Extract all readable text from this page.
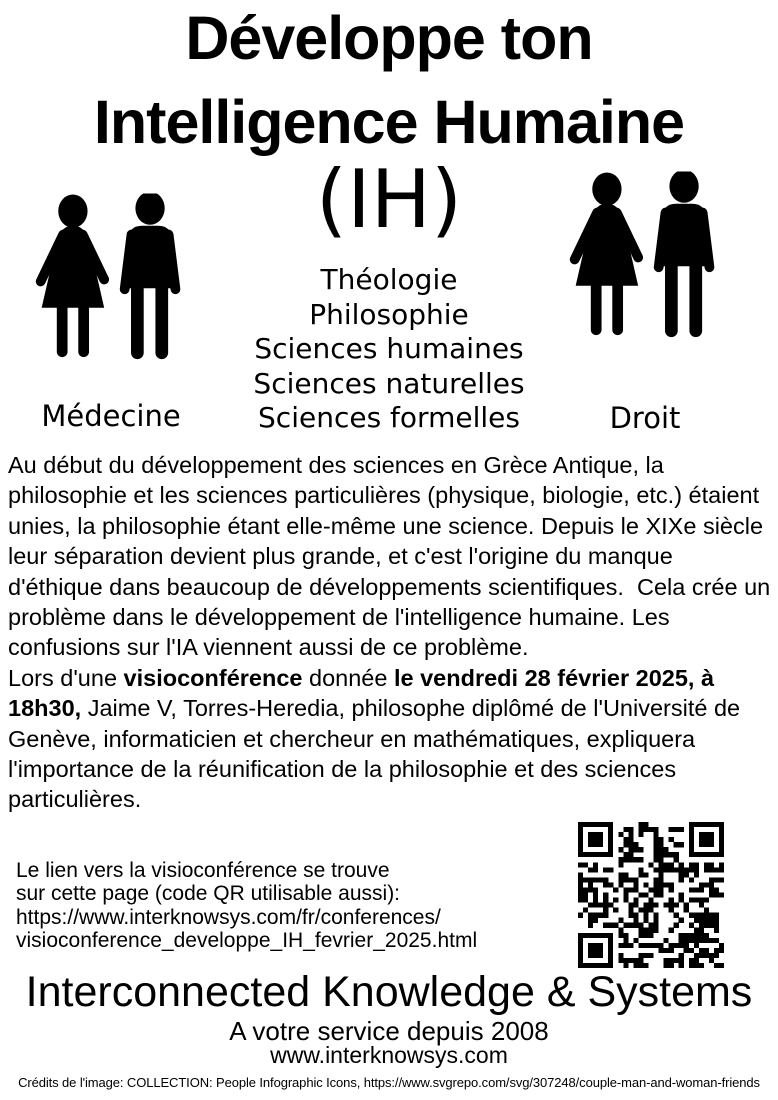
Développe ton
Intelligence Humaine
(IH)
Médecine	Droit
Théologie
Philosophie
Sciences humaines
Sciences naturelles
Sciences formelles

Au début du développement des sciences en Grèce Antique, la philosophie et les sciences particulières (physique, biologie, etc.) étaient unies, la philosophie étant elle-même une science. Depuis le XIXe siècle leur séparation devient plus grande, et c'est l'origine du manque d'éthique dans beaucoup de développements scientifiques.  Cela crée un problème dans le développement de l'intelligence humaine. Les confusions sur l'IA viennent aussi de ce problème.

Lors d'une visioconférence donnée le vendredi 28 février 2025, à 18h30, Jaime V, Torres-Heredia, philosophe diplômé de l'Université de Genève, informaticien et chercheur en mathématiques, expliquera l'importance de la réunification de la philosophie et des sciences particulières.

Le lien vers la visioconférence se trouve
sur cette page (code QR utilisable aussi):
https://www.interknowsys.com/fr/conferences/
visioconference_developpe_IH_fevrier_2025.html
Interconnected Knowledge & Systems
A votre service depuis 2008
www.interknowsys.com
Crédits de l'image: COLLECTION: People Infographic Icons, https://www.svgrepo.com/svg/307248/couple-man-and-woman-friends
